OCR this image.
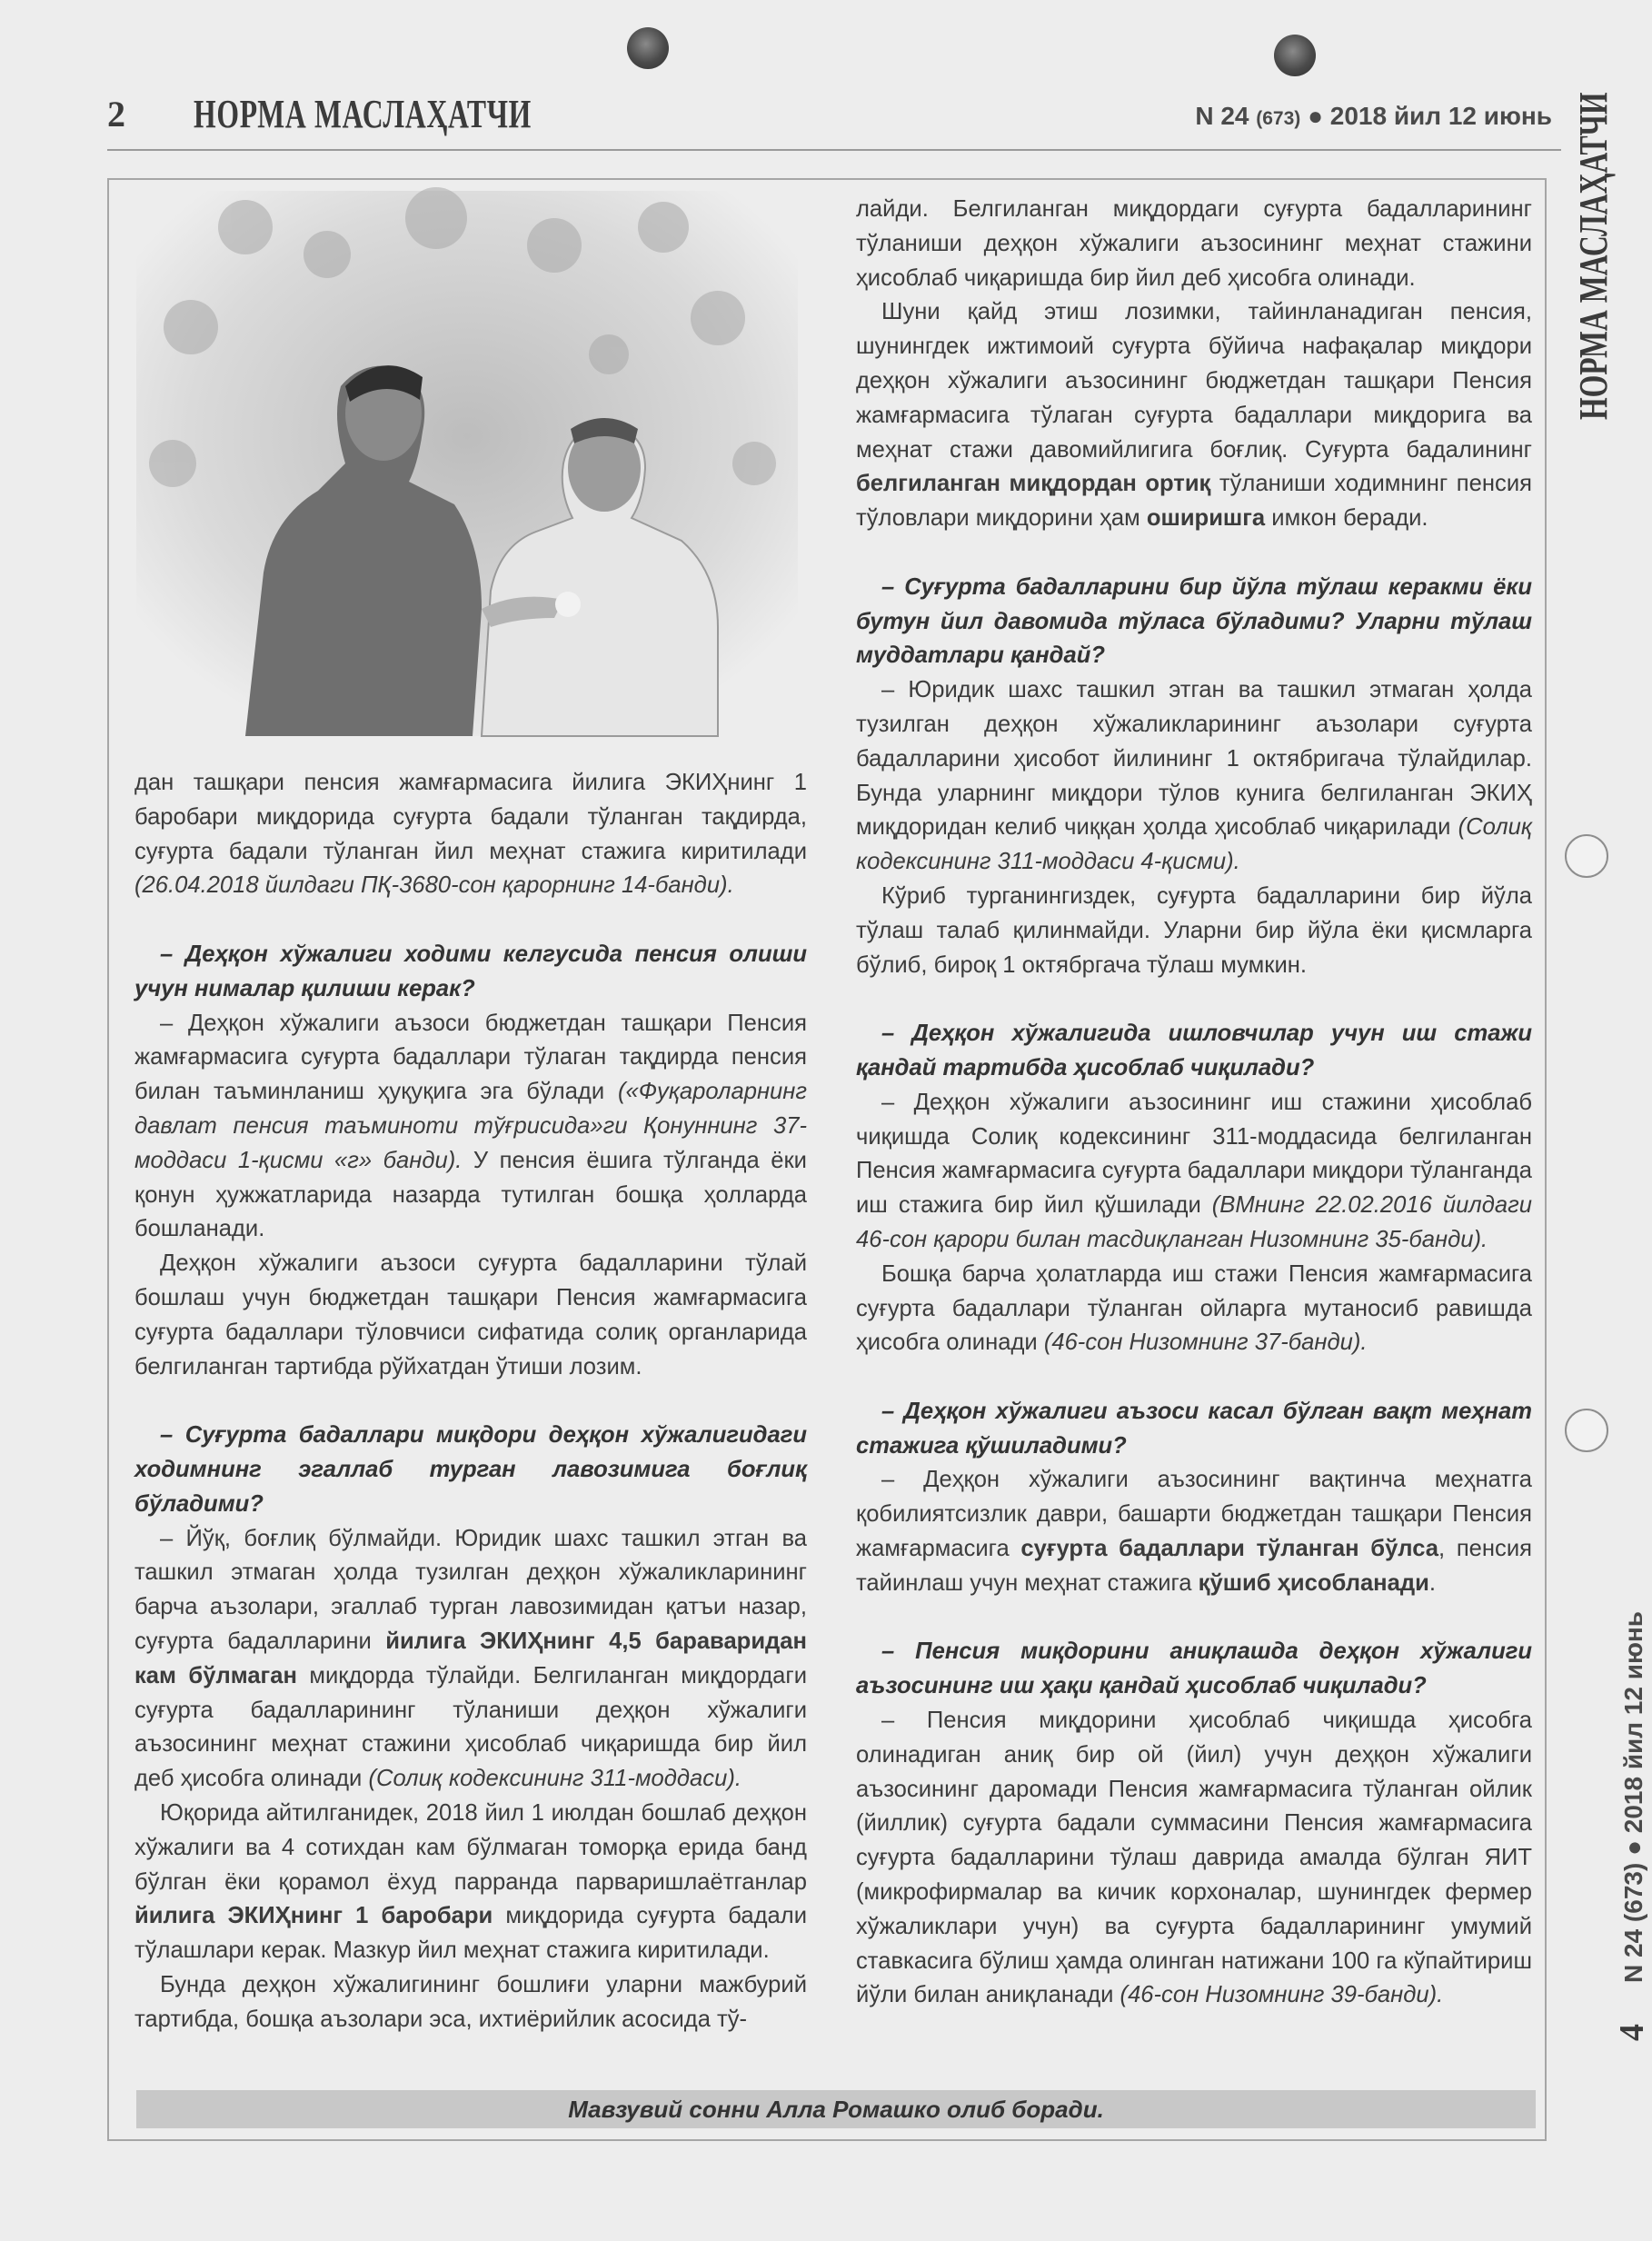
2 НОРМА МАСЛАҲАТЧИ	N 24 (673) ● 2018 йил 12 июнь НОРМА МАСЛАҲАТЧИ
N 24 (673) ● 2018 йил 12 июнь
4

дан ташқари пенсия жамғармасига йилига ЭКИҲнинг 1 баробари миқдорида суғурта бадали тўланган тақдирда, суғурта бадали тўланган йил меҳнат стажига киритилади (26.04.2018 йилдаги ПҚ-3680-сон қарорнинг 14-банди).

– Деҳқон хўжалиги ходими келгусида пенсия олиши учун нималар қилиши керак?

– Деҳқон хўжалиги аъзоси бюджетдан ташқари Пенсия жамғармасига суғурта бадаллари тўлаган тақдирда пенсия билан таъминланиш ҳуқуқига эга бўлади («Фуқароларнинг давлат пенсия таъминоти тўғрисида»ги Қонуннинг 37-моддаси 1-қисми «г» банди). У пенсия ёшига тўлганда ёки қонун ҳужжатларида назарда тутилган бошқа ҳолларда бошланади.

Деҳқон хўжалиги аъзоси суғурта бадалларини тўлай бошлаш учун бюджетдан ташқари Пенсия жамғармасига суғурта бадаллари тўловчиси сифатида солиқ органларида белгиланган тартибда рўйхатдан ўтиши лозим.

– Суғурта бадаллари миқдори деҳқон хўжалигидаги ходимнинг эгаллаб турган лавозимига боғлиқ бўладими?

– Йўқ, боғлиқ бўлмайди. Юридик шахс ташкил этган ва ташкил этмаган ҳолда тузилган деҳқон хўжаликларининг барча аъзолари, эгаллаб турган лавозимидан қатъи назар, суғурта бадалларини йилига ЭКИҲнинг 4,5 бараваридан кам бўлмаган миқдорда тўлайди. Белгиланган миқдордаги суғурта бадалларининг тўланиши деҳқон хўжалиги аъзосининг меҳнат стажини ҳисоблаб чиқаришда бир йил деб ҳисобга олинади (Солиқ кодексининг 311-моддаси).

Юқорида айтилганидек, 2018 йил 1 июлдан бошлаб деҳқон хўжалиги ва 4 сотихдан кам бўлмаган томорқа ерида банд бўлган ёки қорамол ёхуд парранда парваришлаётганлар йилига ЭКИҲнинг 1 баробари миқдорида суғурта бадали тўлашлари керак. Мазкур йил меҳнат стажига киритилади.

Бунда деҳқон хўжалигининг бошлиғи уларни мажбурий тартибда, бошқа аъзолари эса, ихтиёрийлик асосида тў-

лайди. Белгиланган миқдордаги суғурта бадалларининг тўланиши деҳқон хўжалиги аъзосининг меҳнат стажини ҳисоблаб чиқаришда бир йил деб ҳисобга олинади.

Шуни қайд этиш лозимки, тайинланадиган пенсия, шунингдек ижтимоий суғурта бўйича нафақалар миқдори деҳқон хўжалиги аъзосининг бюджетдан ташқари Пенсия жамғармасига тўлаган суғурта бадаллари миқдорига ва меҳнат стажи давомийлигига боғлиқ. Суғурта бадалининг белгиланган миқдордан ортиқ тўланиши ходимнинг пенсия тўловлари миқдорини ҳам оширишга имкон беради.

– Суғурта бадалларини бир йўла тўлаш керакми ёки бутун йил давомида тўласа бўладими? Уларни тўлаш муддатлари қандай?

– Юридик шахс ташкил этган ва ташкил этмаган ҳолда тузилган деҳқон хўжаликларининг аъзолари суғурта бадалларини ҳисобот йилининг 1 октябригача тўлайдилар. Бунда уларнинг миқдори тўлов кунига белгиланган ЭКИҲ миқдоридан келиб чиққан ҳолда ҳисоблаб чиқарилади (Солиқ кодексининг 311-моддаси 4-қисми).

Кўриб турганингиздек, суғурта бадалларини бир йўла тўлаш талаб қилинмайди. Уларни бир йўла ёки қисмларга бўлиб, бироқ 1 октябргача тўлаш мумкин.

– Деҳқон хўжалигида ишловчилар учун иш стажи қандай тартибда ҳисоблаб чиқилади?

– Деҳқон хўжалиги аъзосининг иш стажини ҳисоблаб чиқишда Солиқ кодексининг 311-моддасида белгиланган Пенсия жамғармасига суғурта бадаллари миқдори тўланганда иш стажига бир йил қўшилади (ВМнинг 22.02.2016 йилдаги 46-сон қарори билан тасдиқланган Низомнинг 35-банди).

Бошқа барча ҳолатларда иш стажи Пенсия жамғармасига суғурта бадаллари тўланган ойларга мутаносиб равишда ҳисобга олинади (46-сон Низомнинг 37-банди).

– Деҳқон хўжалиги аъзоси касал бўлган вақт меҳнат стажига қўшиладими?

– Деҳқон хўжалиги аъзосининг вақтинча меҳнатга қобилиятсизлик даври, башарти бюджетдан ташқари Пенсия жамғармасига суғурта бадаллари тўланган бўлса, пенсия тайинлаш учун меҳнат стажига қўшиб ҳисобланади.

– Пенсия миқдорини аниқлашда деҳқон хўжалиги аъзосининг иш ҳақи қандай ҳисоблаб чиқилади?

– Пенсия миқдорини ҳисоблаб чиқишда ҳисобга олинадиган аниқ бир ой (йил) учун деҳқон хўжалиги аъзосининг даромади Пенсия жамғармасига тўланган ойлик (йиллик) суғурта бадали суммасини Пенсия жамғармасига суғурта бадалларини тўлаш даврида амалда бўлган ЯИТ (микрофирмалар ва кичик корхоналар, шунингдек фермер хўжаликлари учун) ва суғурта бадалларининг умумий ставкасига бўлиш ҳамда олинган натижани 100 га кўпайтириш йўли билан аниқланади (46-сон Низомнинг 39-банди).

Мавзувий сонни Алла Ромашко олиб боради.
